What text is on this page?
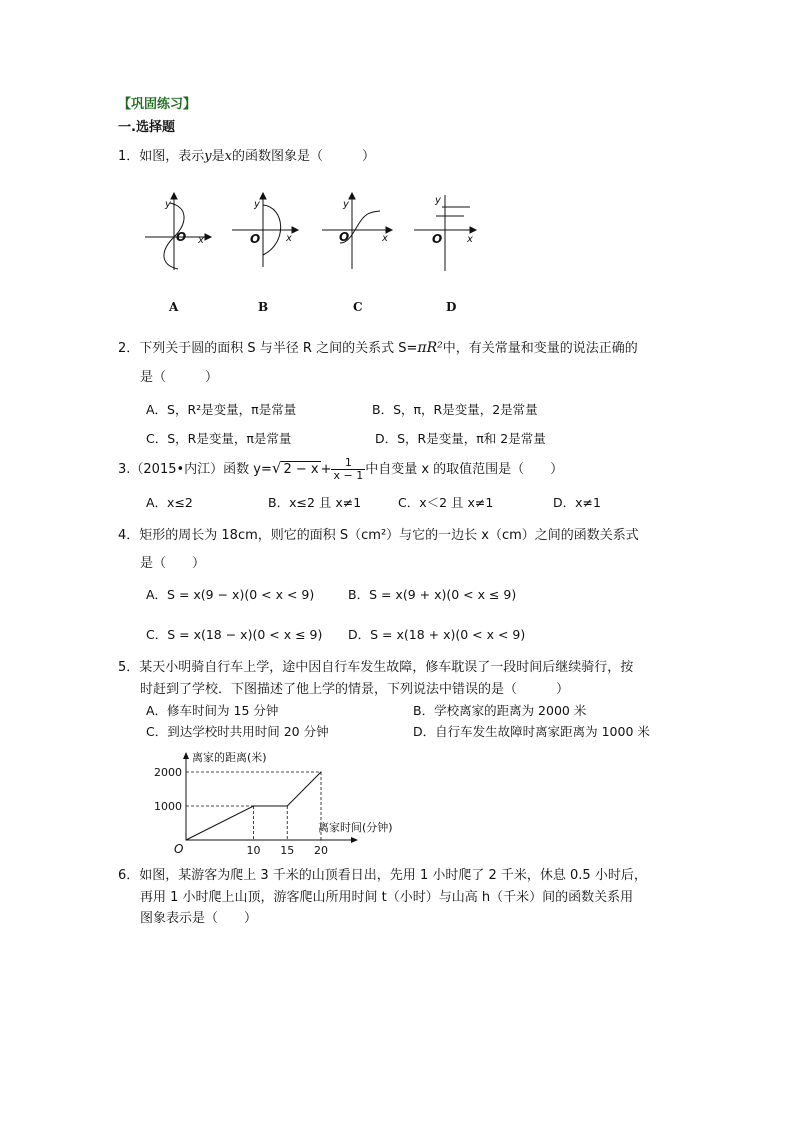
【巩固练习】
一.选择题
1．如图，表示y是x的函数图象是（　　　）
y
O x
y
O	x
y
O	x
y
O x
A	B	C	D
2．下列关于圆的面积 S 与半径 R 之间的关系式 S=πR²中，有关常量和变量的说法正确的
是（　　　）
A．S，R²是变量，π是常量	B．S，π，R是变量，2是常量
C．S，R是变量，π是常量	D．S，R是变量，π和 2是常量
3.（2015•内江）函数 y=√ $2 - x + \frac{1}{x - 1}$ 中自变量 x 的取值范围是（　　）
A．x≤2	B．x≤2 且 x≠1	C．x＜2 且 x≠1	D．x≠1
4．矩形的周长为 18cm，则它的面积 S（cm²）与它的一边长 x（cm）之间的函数关系式
是（　　）
A．S = x(9 − x)(0 < x < 9)	B．S = x(9 + x)(0 < x ≤ 9)
C．S = x(18 − x)(0 < x ≤ 9) D．S = x(18 + x)(0 < x < 9)
5．某天小明骑自行车上学，途中因自行车发生故障，修车耽误了一段时间后继续骑行，按
时赶到了学校．下图描述了他上学的情景，下列说法中错误的是（　　　）
A．修车时间为 15 分钟	B．学校离家的距离为 2000 米
C．到达学校时共用时间 20 分钟	D．自行车发生故障时离家距离为 1000 米
离家的距离(米)
离家时间(分钟)
O
1000
2000
10 15 20
6．如图，某游客为爬上 3 千米的山顶看日出，先用 1 小时爬了 2 千米，休息 0.5 小时后，
再用 1 小时爬上山顶，游客爬山所用时间 t（小时）与山高 h（千米）间的函数关系用
图象表示是（　　）
